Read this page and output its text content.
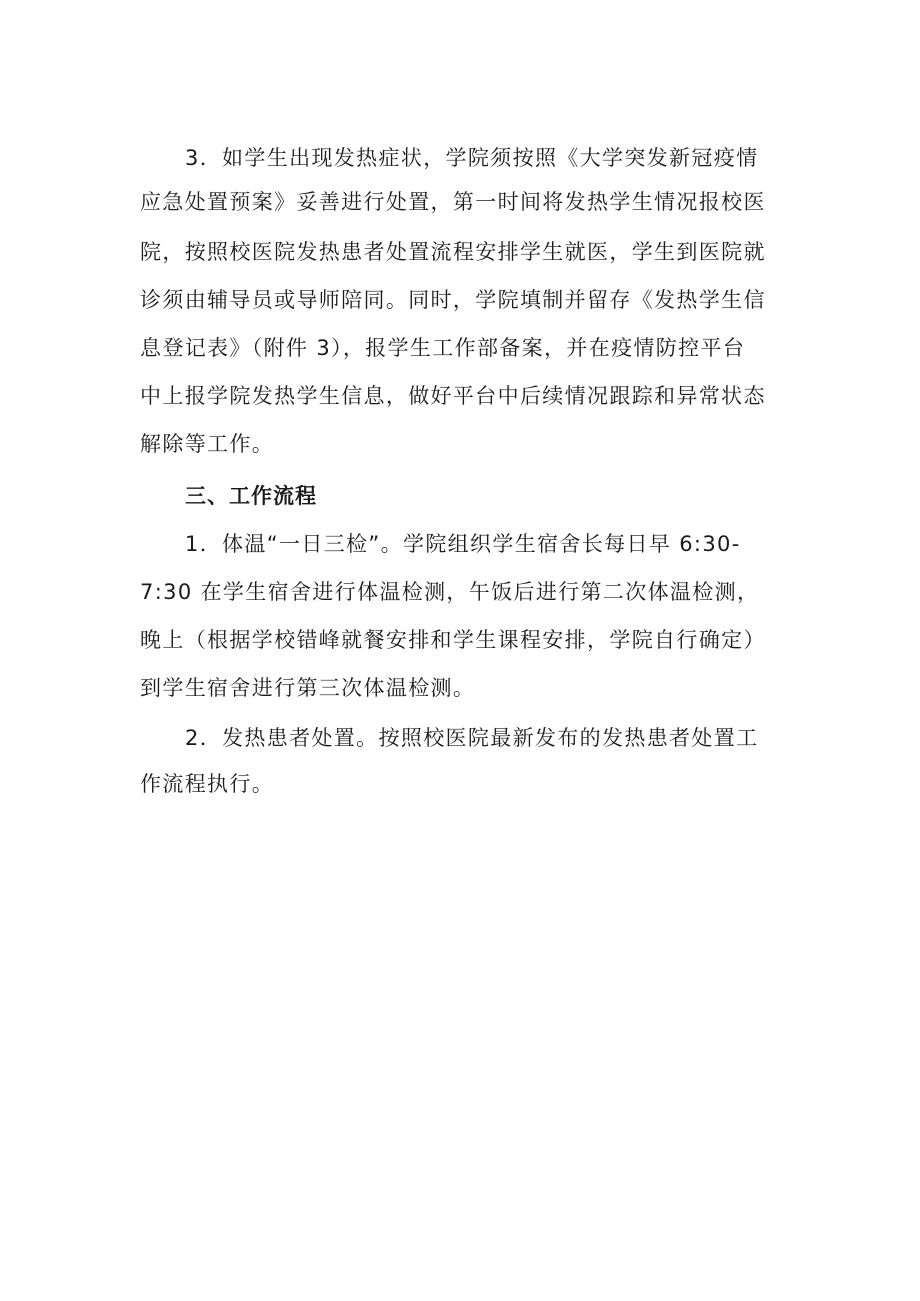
3．如学生出现发热症状，学院须按照《大学突发新冠疫情
应急处置预案》妥善进行处置，第一时间将发热学生情况报校医
院，按照校医院发热患者处置流程安排学生就医，学生到医院就
诊须由辅导员或导师陪同。同时，学院填制并留存《发热学生信
息登记表》（附件 3），报学生工作部备案，并在疫情防控平台
中上报学院发热学生信息，做好平台中后续情况跟踪和异常状态
解除等工作。
三、工作流程
1．体温“一日三检”。学院组织学生宿舍长每日早 6:30-
7:30 在学生宿舍进行体温检测，午饭后进行第二次体温检测，
晚上（根据学校错峰就餐安排和学生课程安排，学院自行确定）
到学生宿舍进行第三次体温检测。
2．发热患者处置。按照校医院最新发布的发热患者处置工
作流程执行。
